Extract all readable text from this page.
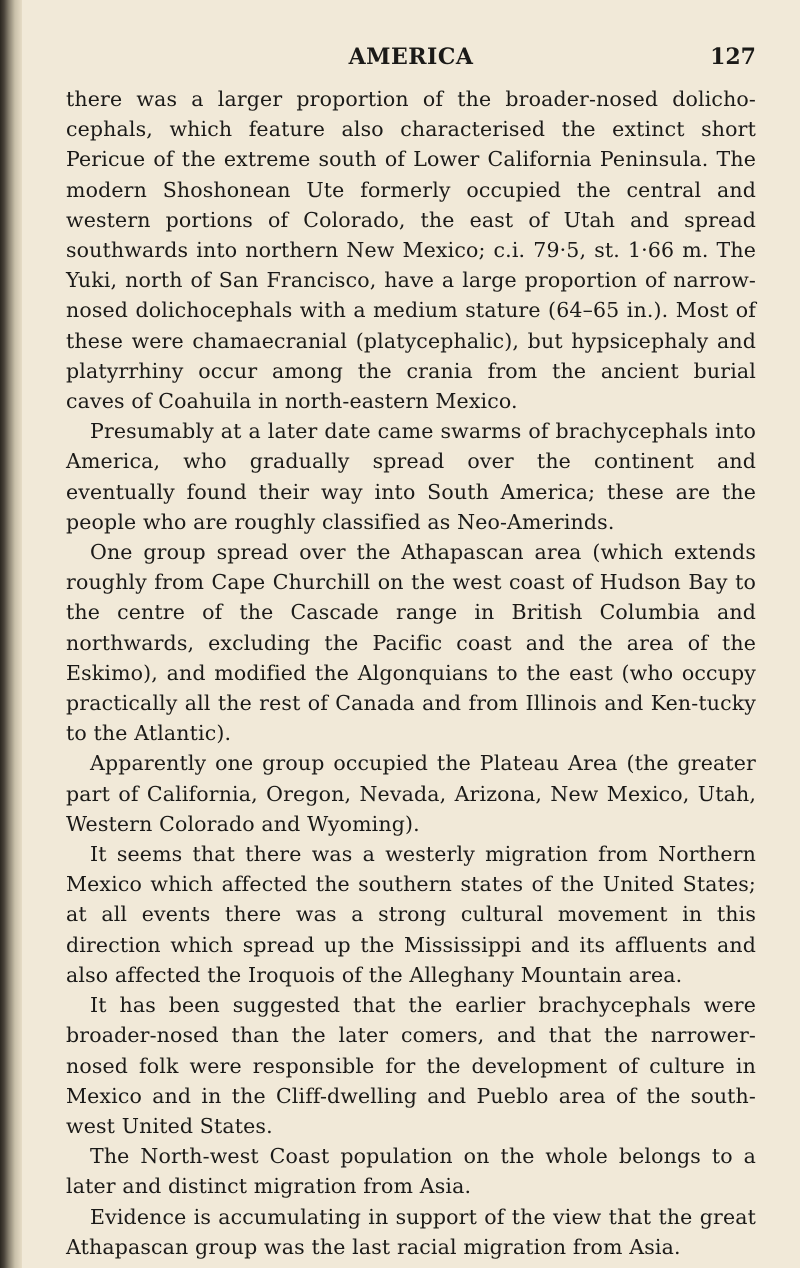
AMERICA	127

there was a larger proportion of the broader-nosed dolicho-cephals, which feature also characterised the extinct short Pericue of the extreme south of Lower California Peninsula. The modern Shoshonean Ute formerly occupied the central and western portions of Colorado, the east of Utah and spread southwards into northern New Mexico; c.i. 79·5, st. 1·66 m. The Yuki, north of San Francisco, have a large proportion of narrow-nosed dolichocephals with a medium stature (64–65 in.). Most of these were chamaecranial (platycephalic), but hypsicephaly and platyrrhiny occur among the crania from the ancient burial caves of Coahuila in north-eastern Mexico.

Presumably at a later date came swarms of brachycephals into America, who gradually spread over the continent and eventually found their way into South America; these are the people who are roughly classified as Neo-Amerinds.

One group spread over the Athapascan area (which extends roughly from Cape Churchill on the west coast of Hudson Bay to the centre of the Cascade range in British Columbia and northwards, excluding the Pacific coast and the area of the Eskimo), and modified the Algonquians to the east (who occupy practically all the rest of Canada and from Illinois and Ken-tucky to the Atlantic).

Apparently one group occupied the Plateau Area (the greater part of California, Oregon, Nevada, Arizona, New Mexico, Utah, Western Colorado and Wyoming).

It seems that there was a westerly migration from Northern Mexico which affected the southern states of the United States; at all events there was a strong cultural movement in this direction which spread up the Mississippi and its affluents and also affected the Iroquois of the Alleghany Mountain area.

It has been suggested that the earlier brachycephals were broader-nosed than the later comers, and that the narrower-nosed folk were responsible for the development of culture in Mexico and in the Cliff-dwelling and Pueblo area of the south-west United States.

The North-west Coast population on the whole belongs to a later and distinct migration from Asia.

Evidence is accumulating in support of the view that the great Athapascan group was the last racial migration from Asia.
